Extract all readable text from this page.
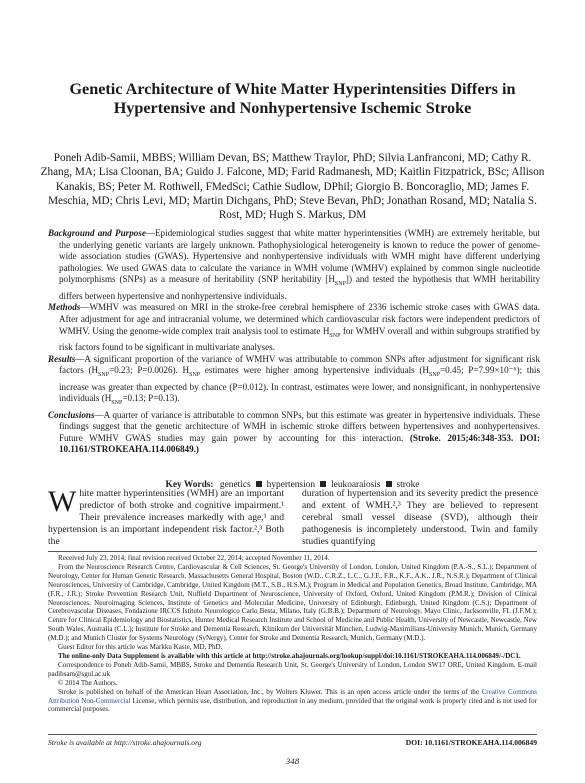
Genetic Architecture of White Matter Hyperintensities Differs in Hypertensive and Nonhypertensive Ischemic Stroke
Poneh Adib-Samii, MBBS; William Devan, BS; Matthew Traylor, PhD; Silvia Lanfranconi, MD; Cathy R. Zhang, MA; Lisa Cloonan, BA; Guido J. Falcone, MD; Farid Radmanesh, MD; Kaitlin Fitzpatrick, BSc; Allison Kanakis, BS; Peter M. Rothwell, FMedSci; Cathie Sudlow, DPhil; Giorgio B. Boncoraglio, MD; James F. Meschia, MD; Chris Levi, MD; Martin Dichgans, PhD; Steve Bevan, PhD; Jonathan Rosand, MD; Natalia S. Rost, MD; Hugh S. Markus, DM

Background and Purpose—Epidemiological studies suggest that white matter hyperintensities (WMH) are extremely heritable, but the underlying genetic variants are largely unknown. Pathophysiological heterogeneity is known to reduce the power of genome-wide association studies (GWAS). Hypertensive and nonhypertensive individuals with WMH might have different underlying pathologies. We used GWAS data to calculate the variance in WMH volume (WMHV) explained by common single nucleotide polymorphisms (SNPs) as a measure of heritability (SNP heritability $[H_{SNP}]$) and tested the hypothesis that WMH heritability differs between hypertensive and nonhypertensive individuals.

Methods—WMHV was measured on MRI in the stroke-free cerebral hemisphere of 2336 ischemic stroke cases with GWAS data. After adjustment for age and intracranial volume, we determined which cardiovascular risk factors were independent predictors of WMHV. Using the genome-wide complex trait analysis tool to estimate $H_{SNP}$ for WMHV overall and within subgroups stratified by risk factors found to be significant in multivariate analyses.

Results—A significant proportion of the variance of WMHV was attributable to common SNPs after adjustment for significant risk factors ($H_{SNP}=0.23$; P=0.0026). $H_{SNP}$ estimates were higher among hypertensive individuals ($H_{SNP}=0.45$; P=7.99×10⁻⁶); this increase was greater than expected by chance (P=0.012). In contrast, estimates were lower, and nonsignificant, in nonhypertensive individuals ($H_{SNP}=0.13$; P=0.13).

Conclusions—A quarter of variance is attributable to common SNPs, but this estimate was greater in hypertensive individuals. These findings suggest that the genetic architecture of WMH in ischemic stroke differs between hypertensives and nonhypertensives. Future WMHV GWAS studies may gain power by accounting for this interaction. (Stroke. 2015;46:348-353. DOI: 10.1161/STROKEAHA.114.006849.)

Key Words: genetics hypertension leukoaraiosis stroke
White matter hyperintensities (WMH) are an important predictor of both stroke and cognitive impairment.¹ Their prevalence increases markedly with age,¹ and hypertension is an important independent risk factor.²,³ Both the
duration of hypertension and its severity predict the presence and extent of WMH.²,³ They are believed to represent cerebral small vessel disease (SVD), although their pathogenesis is incompletely understood. Twin and family studies quantifying

Received July 23, 2014; final revision received October 22, 2014; accepted November 11, 2014.

From the Neuroscience Research Centre, Cardiovascular & Cell Sciences, St. George's University of London, London, United Kingdom (P.A.-S., S.L.); Department of Neurology, Center for Human Genetic Research, Massachusetts General Hospital, Boston (W.D., C.R.Z., L.C., G.J.F., F.R., K.F., A.K., J.R., N.S.R.); Department of Clinical Neurosciences, University of Cambridge, Cambridge, United Kingdom (M.T., S.B., H.S.M.); Program in Medical and Population Genetics, Broad Institute, Cambridge, MA (F.R., J.R.); Stroke Prevention Research Unit, Nuffield Department of Neuroscience, University of Oxford, Oxford, United Kingdom (P.M.R.); Division of Clinical Neurosciences, Neuroimaging Sciences, Institute of Genetics and Molecular Medicine, University of Edinburgh, Edinburgh, United Kingdom (C.S.); Department of Cerebrovascular Diseases, Fondazione IRCCS Istituto Neurologico Carlo Besta, Milano, Italy (G.B.B.); Department of Neurology, Mayo Clinic, Jacksonville, FL (J.F.M.); Centre for Clinical Epidemiology and Biostatistics, Hunter Medical Research Institute and School of Medicine and Public Health, University of Newcastle, Newcastle, New South Wales, Australia (C.L.); Institute for Stroke and Dementia Research, Klinikum der Universität München, Ludwig-Maximilians-University Munich, Munich, Germany (M.D.); and Munich Cluster for Systems Neurology (SyNergy), Center for Stroke and Dementia Research, Munich, Germany (M.D.).

Guest Editor for this article was Markku Kaste, MD, PhD.

The online-only Data Supplement is available with this article at http://stroke.ahajournals.org/lookup/suppl/doi:10.1161/STROKEAHA.114.006849/-/DC1.

Correspondence to Poneh Adib-Samii, MBBS, Stroke and Dementia Research Unit, St. George's University of London, London SW17 ORE, United Kingdom. E-mail padibsam@sgul.ac.uk

© 2014 The Authors.

Stroke is published on behalf of the American Heart Association, Inc., by Wolters Kluwer. This is an open access article under the terms of the Creative Commons Attribution Non-Commercial License, which permits use, distribution, and reproduction in any medium, provided that the original work is properly cited and is not used for commercial purposes.

Stroke is available at http://stroke.ahajournals.org	DOI: 10.1161/STROKEAHA.114.006849
348
